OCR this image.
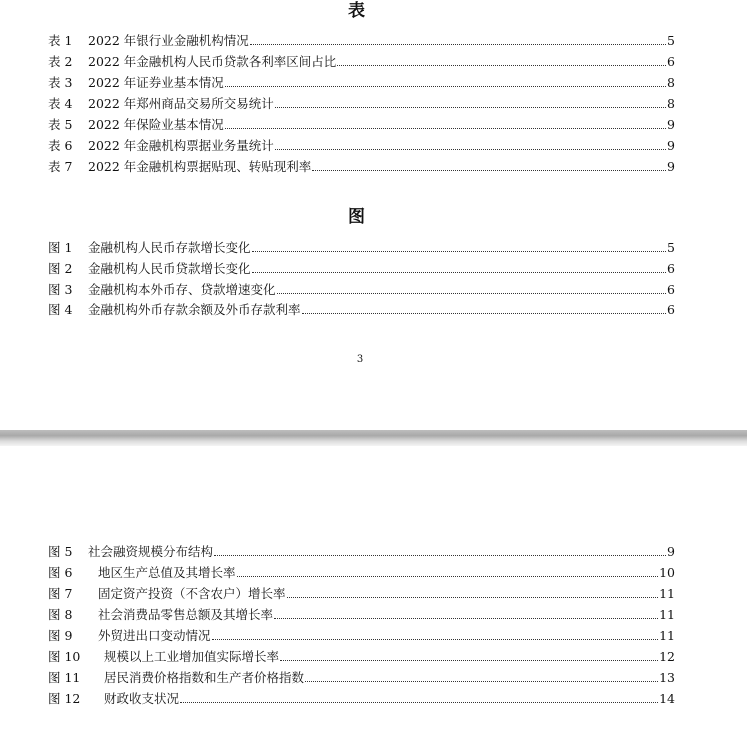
表
表 1	2022 年银行业金融机构情况	5
表 2	2022 年金融机构人民币贷款各利率区间占比	6
表 3	2022 年证券业基本情况	8
表 4	2022 年郑州商品交易所交易统计	8
表 5	2022 年保险业基本情况	9
表 6	2022 年金融机构票据业务量统计	9
表 7	2022 年金融机构票据贴现、转贴现利率	9
图
图 1	金融机构人民币存款增长变化	5
图 2	金融机构人民币贷款增长变化	6
图 3	金融机构本外币存、贷款增速变化	6
图 4	金融机构外币存款余额及外币存款利率	6
3
图 5	社会融资规模分布结构	9
图 6	地区生产总值及其增长率	10
图 7	固定资产投资（不含农户）增长率	11
图 8	社会消费品零售总额及其增长率	11
图 9	外贸进出口变动情况	11
图 10	规模以上工业增加值实际增长率	12
图 11	居民消费价格指数和生产者价格指数	13
图 12	财政收支状况	14
